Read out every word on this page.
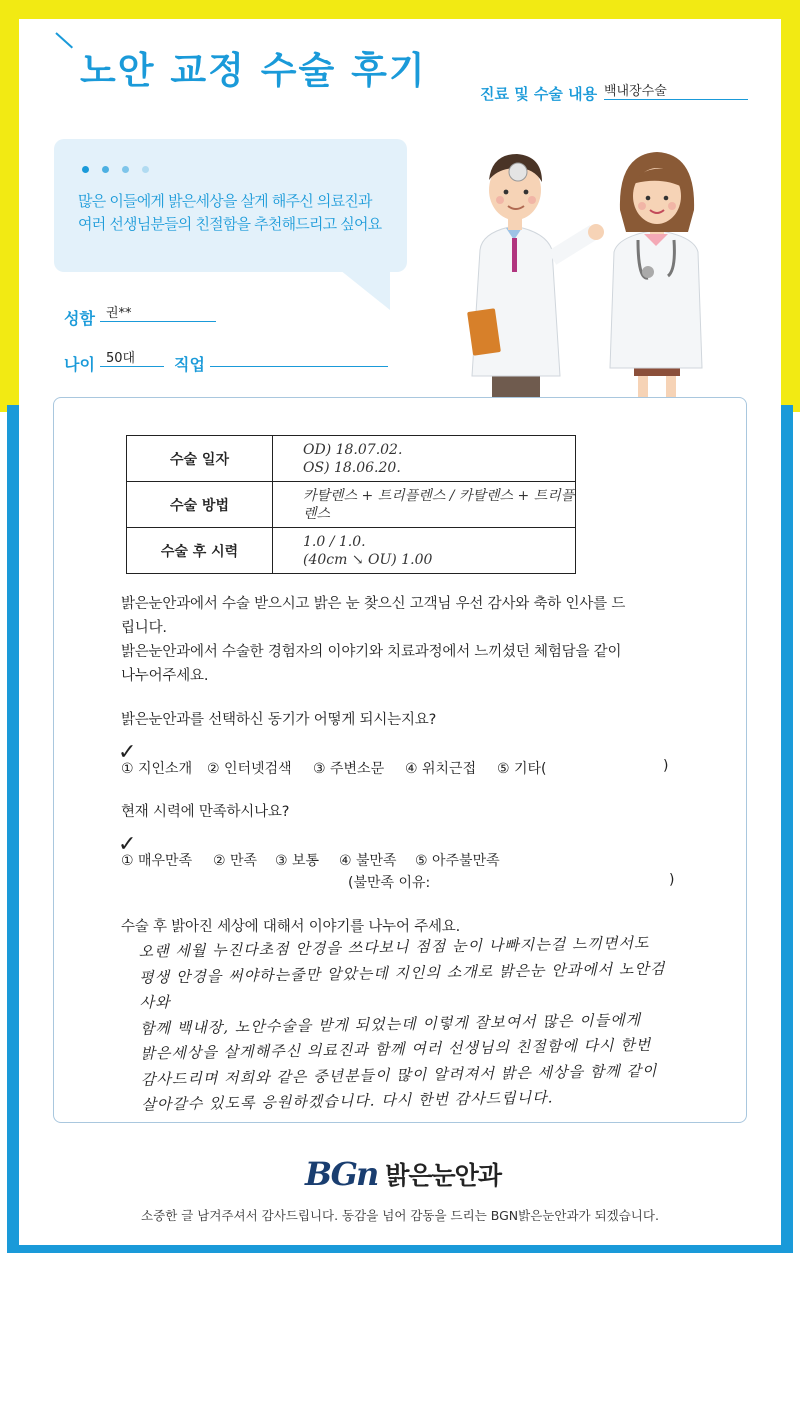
노안 교정 수술 후기
진료 및 수술 내용 백내장수술
많은 이들에게 밝은세상을 살게 해주신 의료진과
여러 선생님분들의 친절함을 추천해드리고 싶어요
성함 권**
나이 50대	직업
수술 일자	OD) 18.07.02.
OS) 18.06.20.

수술 방법	카탈렌스 + 트리플렌스 / 카탈렌스 + 트리플렌스

수술 후 시력	1.0 / 1.0.
(40cm ↘ OU) 1.00
밝은눈안과에서 수술 받으시고 밝은 눈 찾으신 고객님 우선 감사와 축하 인사를 드
립니다.
밝은눈안과에서 수술한 경험자의 이야기와 치료과정에서 느끼셨던 체험담을 같이
나누어주세요.
밝은눈안과를 선택하신 동기가 어떻게 되시는지요?
✓
① 지인소개	② 인터넷검색	③ 주변소문	④ 위치근접	⑤ 기타(	)
현재 시력에 만족하시나요?
✓
① 매우만족	② 만족	③ 보통	④ 불만족	⑤ 아주불만족
(불만족 이유:	)
수술 후 밝아진 세상에 대해서 이야기를 나누어 주세요.
오랜 세월 누진다초점 안경을 쓰다보니 점점 눈이 나빠지는걸 느끼면서도
평생 안경을 써야하는줄만 알았는데 지인의 소개로 밝은눈 안과에서 노안검사와
함께 백내장, 노안수술을 받게 되었는데 이렇게 잘보여서 많은 이들에게
밝은세상을 살게해주신 의료진과 함께 여러 선생님의 친절함에 다시 한번
감사드리며 저희와 같은 중년분들이 많이 알려져서 밝은 세상을 함께 같이
살아갈수 있도록 응원하겠습니다. 다시 한번 감사드립니다.
BGn 밝은눈안과
소중한 글 남겨주셔서 감사드립니다. 동감을 넘어 감동을 드리는 BGN밝은눈안과가 되겠습니다.
